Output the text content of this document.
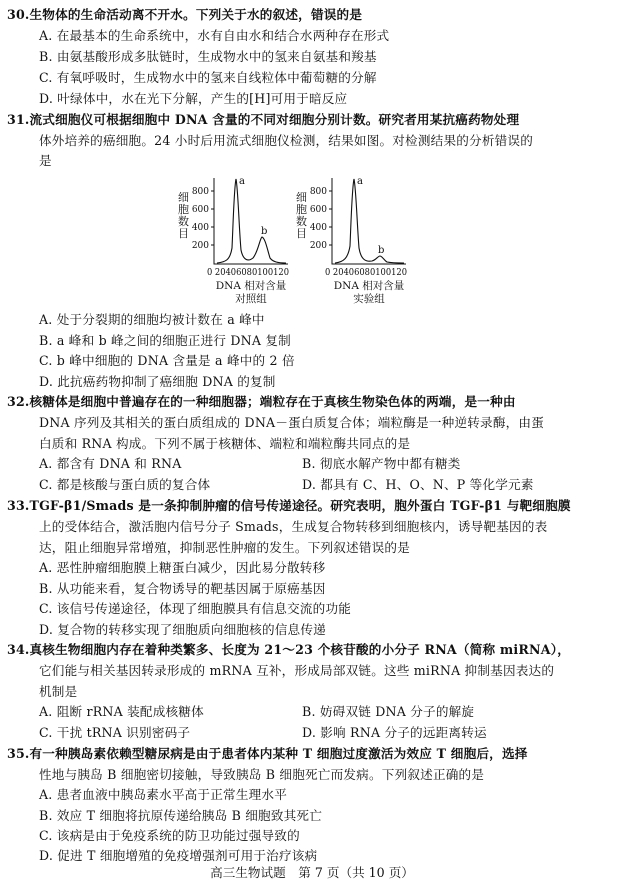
30.生物体的生命活动离不开水。下列关于水的叙述，错误的是
A. 在最基本的生命系统中，水有自由水和结合水两种存在形式
B. 由氨基酸形成多肽链时，生成物水中的氢来自氨基和羧基
C. 有氧呼吸时，生成物水中的氢来自线粒体中葡萄糖的分解
D. 叶绿体中，水在光下分解，产生的[H]可用于暗反应
31.流式细胞仪可根据细胞中 DNA 含量的不同对细胞分别计数。研究者用某抗癌药物处理
体外培养的癌细胞。24 小时后用流式细胞仪检测，结果如图。对检测结果的分析错误的
是
细
胞
数
目
细
胞
数
目
800
600
400
200
800
600
400
200
a
b
a
b
0 20406080100120	0 20406080100120
DNA 相对含量
对照组
DNA 相对含量
实验组
A. 处于分裂期的细胞均被计数在 a 峰中
B. a 峰和 b 峰之间的细胞正进行 DNA 复制
C. b 峰中细胞的 DNA 含量是 a 峰中的 2 倍
D. 此抗癌药物抑制了癌细胞 DNA 的复制
32.核糖体是细胞中普遍存在的一种细胞器；端粒存在于真核生物染色体的两端，是一种由
DNA 序列及其相关的蛋白质组成的 DNA－蛋白质复合体；端粒酶是一种逆转录酶，由蛋
白质和 RNA 构成。下列不属于核糖体、端粒和端粒酶共同点的是
A. 都含有 DNA 和 RNA	B. 彻底水解产物中都有糖类
C. 都是核酸与蛋白质的复合体	D. 都具有 C、H、O、N、P 等化学元素
33.TGF-β1/Smads 是一条抑制肿瘤的信号传递途径。研究表明，胞外蛋白 TGF-β1 与靶细胞膜
上的受体结合，激活胞内信号分子 Smads，生成复合物转移到细胞核内，诱导靶基因的表
达，阻止细胞异常增殖，抑制恶性肿瘤的发生。下列叙述错误的是
A. 恶性肿瘤细胞膜上糖蛋白减少，因此易分散转移
B. 从功能来看，复合物诱导的靶基因属于原癌基因
C. 该信号传递途径，体现了细胞膜具有信息交流的功能
D. 复合物的转移实现了细胞质向细胞核的信息传递
34.真核生物细胞内存在着种类繁多、长度为 21～23 个核苷酸的小分子 RNA（简称 miRNA），
它们能与相关基因转录形成的 mRNA 互补，形成局部双链。这些 miRNA 抑制基因表达的
机制是
A. 阻断 rRNA 装配成核糖体	B. 妨碍双链 DNA 分子的解旋
C. 干扰 tRNA 识别密码子	D. 影响 RNA 分子的远距离转运
35.有一种胰岛素依赖型糖尿病是由于患者体内某种 T 细胞过度激活为效应 T 细胞后，选择
性地与胰岛 B 细胞密切接触，导致胰岛 B 细胞死亡而发病。下列叙述正确的是
A. 患者血液中胰岛素水平高于正常生理水平
B. 效应 T 细胞将抗原传递给胰岛 B 细胞致其死亡
C. 该病是由于免疫系统的防卫功能过强导致的
D. 促进 T 细胞增殖的免疫增强剂可用于治疗该病
高三生物试题　第 7 页（共 10 页）
